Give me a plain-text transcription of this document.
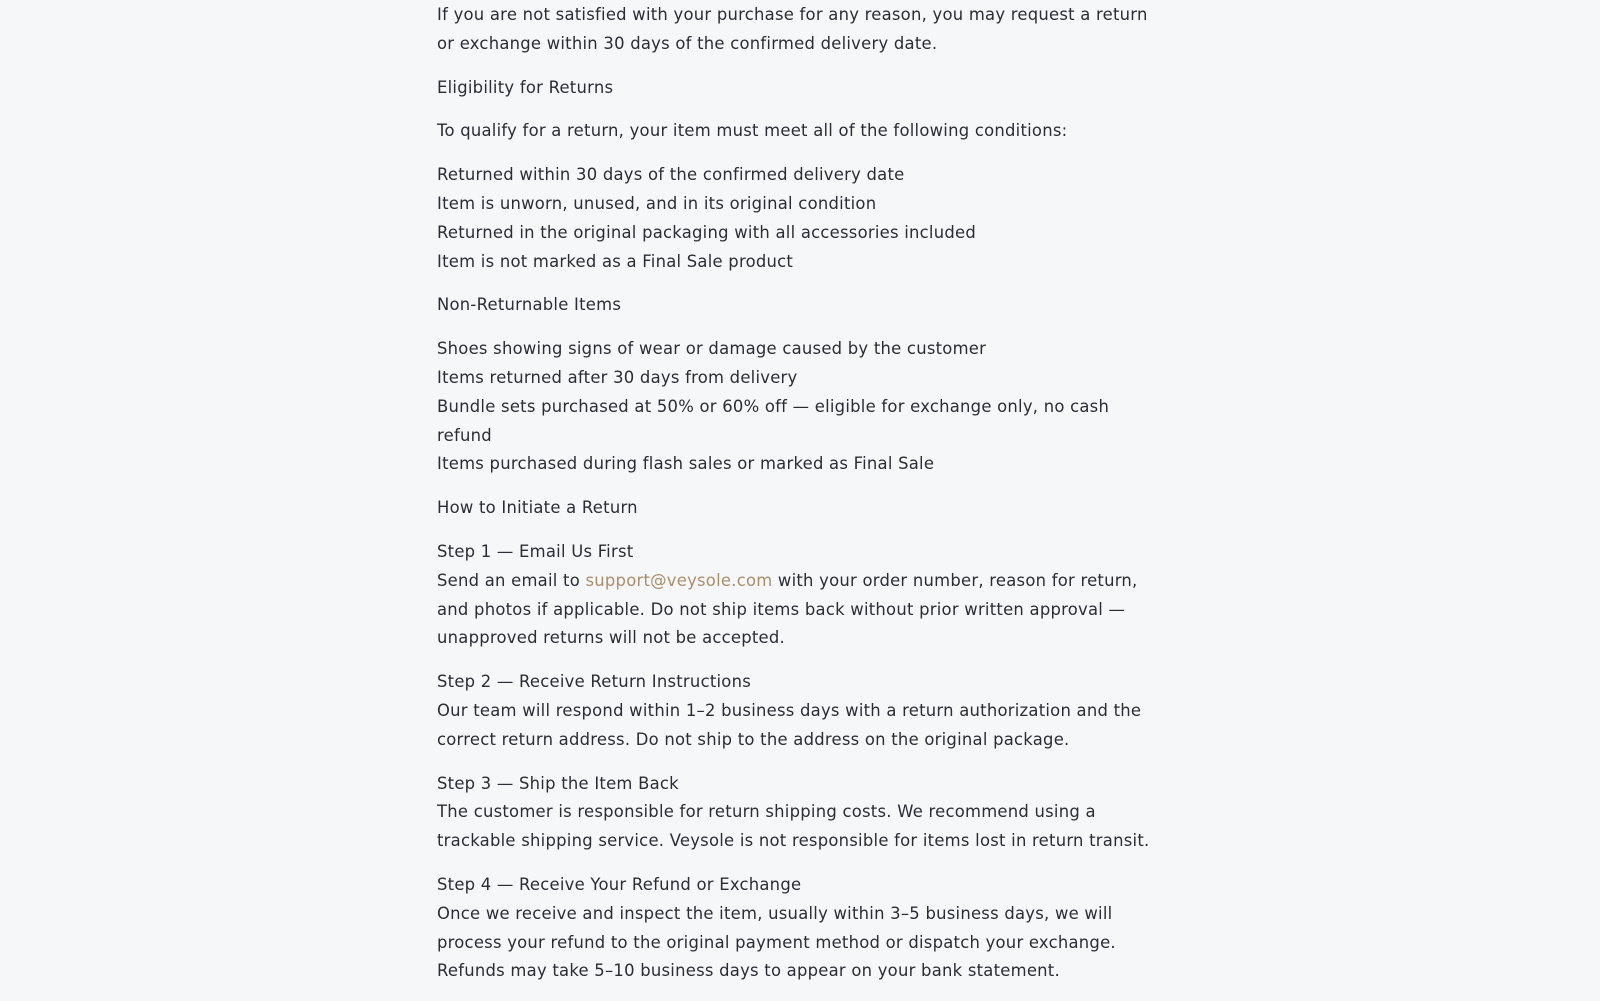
If you are not satisfied with your purchase for any reason, you may request a return or exchange within 30 days of the confirmed delivery date.

Eligibility for Returns

To qualify for a return, your item must meet all of the following conditions:

Returned within 30 days of the confirmed delivery date
Item is unworn, unused, and in its original condition
Returned in the original packaging with all accessories included
Item is not marked as a Final Sale product
Non-Returnable Items
Shoes showing signs of wear or damage caused by the customer
Items returned after 30 days from delivery
Bundle sets purchased at 50% or 60% off — eligible for exchange only, no cash refund
Items purchased during flash sales or marked as Final Sale
How to Initiate a Return

Step 1 — Email Us First

Send an email to support@veysole.com with your order number, reason for return, and photos if applicable. Do not ship items back without prior written approval — unapproved returns will not be accepted.

Step 2 — Receive Return Instructions

Our team will respond within 1–2 business days with a return authorization and the correct return address. Do not ship to the address on the original package.

Step 3 — Ship the Item Back

The customer is responsible for return shipping costs. We recommend using a trackable shipping service. Veysole is not responsible for items lost in return transit.

Step 4 — Receive Your Refund or Exchange

Once we receive and inspect the item, usually within 3–5 business days, we will process your refund to the original payment method or dispatch your exchange. Refunds may take 5–10 business days to appear on your bank statement.
